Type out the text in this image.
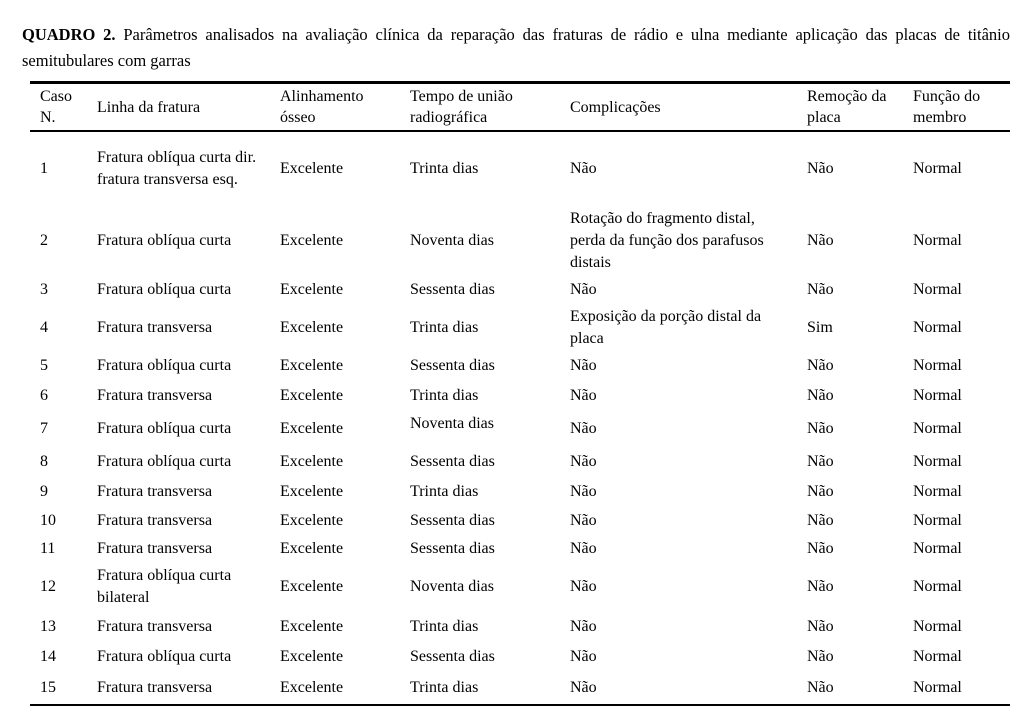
QUADRO 2. Parâmetros analisados na avaliação clínica da reparação das fraturas de rádio e ulna mediante aplicação das placas de titânio semitubulares com garras

Caso N.	Linha da fratura	Alinhamento ósseo	Tempo de união radiográfica	Complicações	Remoção da placa	Função do membro
1	Fratura oblíqua curta dir. fratura transversa esq.	Excelente	Trinta dias	Não	Não	Normal
2	Fratura oblíqua curta	Excelente	Noventa dias	Rotação do fragmento distal, perda da função dos parafusos distais	Não	Normal
3	Fratura oblíqua curta	Excelente	Sessenta dias	Não	Não	Normal
4	Fratura transversa	Excelente	Trinta dias	Exposição da porção distal da placa	Sim	Normal
5	Fratura oblíqua curta	Excelente	Sessenta dias	Não	Não	Normal
6	Fratura transversa	Excelente	Trinta dias	Não	Não	Normal
7	Fratura oblíqua curta	Excelente	Noventa dias	Não	Não	Normal
8	Fratura oblíqua curta	Excelente	Sessenta dias	Não	Não	Normal
9	Fratura transversa	Excelente	Trinta dias	Não	Não	Normal
10	Fratura transversa	Excelente	Sessenta dias	Não	Não	Normal
11	Fratura transversa	Excelente	Sessenta dias	Não	Não	Normal
12	Fratura oblíqua curta bilateral	Excelente	Noventa dias	Não	Não	Normal
13	Fratura transversa	Excelente	Trinta dias	Não	Não	Normal
14	Fratura oblíqua curta	Excelente	Sessenta dias	Não	Não	Normal
15	Fratura transversa	Excelente	Trinta dias	Não	Não	Normal
